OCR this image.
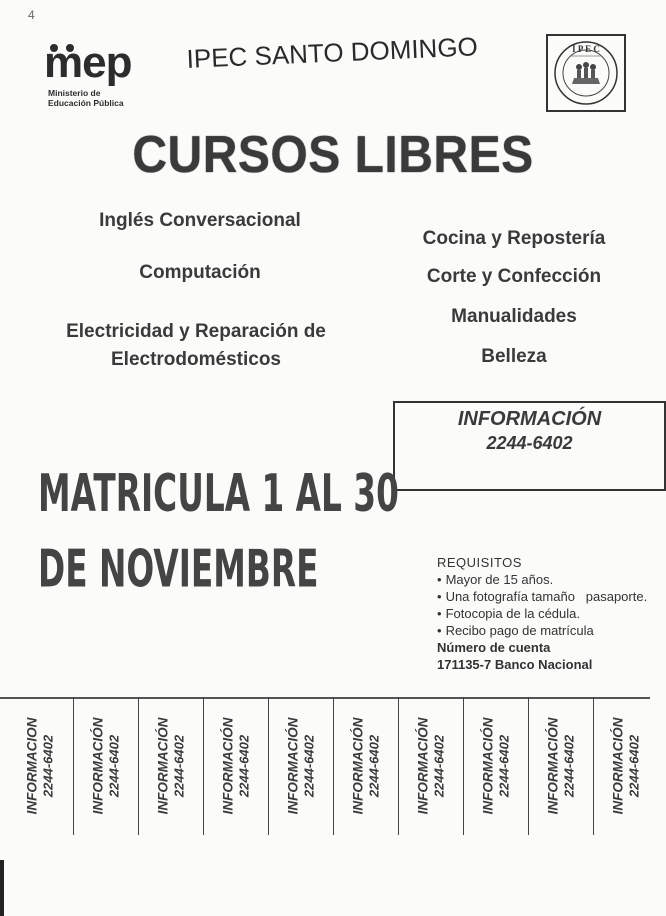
4
mep
Ministerio de
Educación Pública
IPEC SANTO DOMINGO	I P E C
CURSOS LIBRES
Inglés Conversacional
Computación
Electricidad y Reparación de Electrodomésticos
Cocina y Repostería
Corte y Confección
Manualidades
Belleza
INFORMACIÓN
2244-6402
MATRICULA 1 AL 30
DE NOVIEMBRE	REQUISITOS
• Mayor de 15 años.
• Una fotografía tamaño   pasaporte.
• Fotocopia de la cédula.
• Recibo pago de matrícula
Número de cuenta
171135-7 Banco Nacional
INFORMACION 2244-6402	INFORMACIÓN 2244-6402	INFORMACIÓN 2244-6402	INFORMACIÓN 2244-6402	INFORMACIÓN 2244-6402	INFORMACIÓN 2244-6402	INFORMACIÓN 2244-6402	INFORMACIÓN 2244-6402	INFORMACIÓN 2244-6402	INFORMACIÓN 2244-6402
